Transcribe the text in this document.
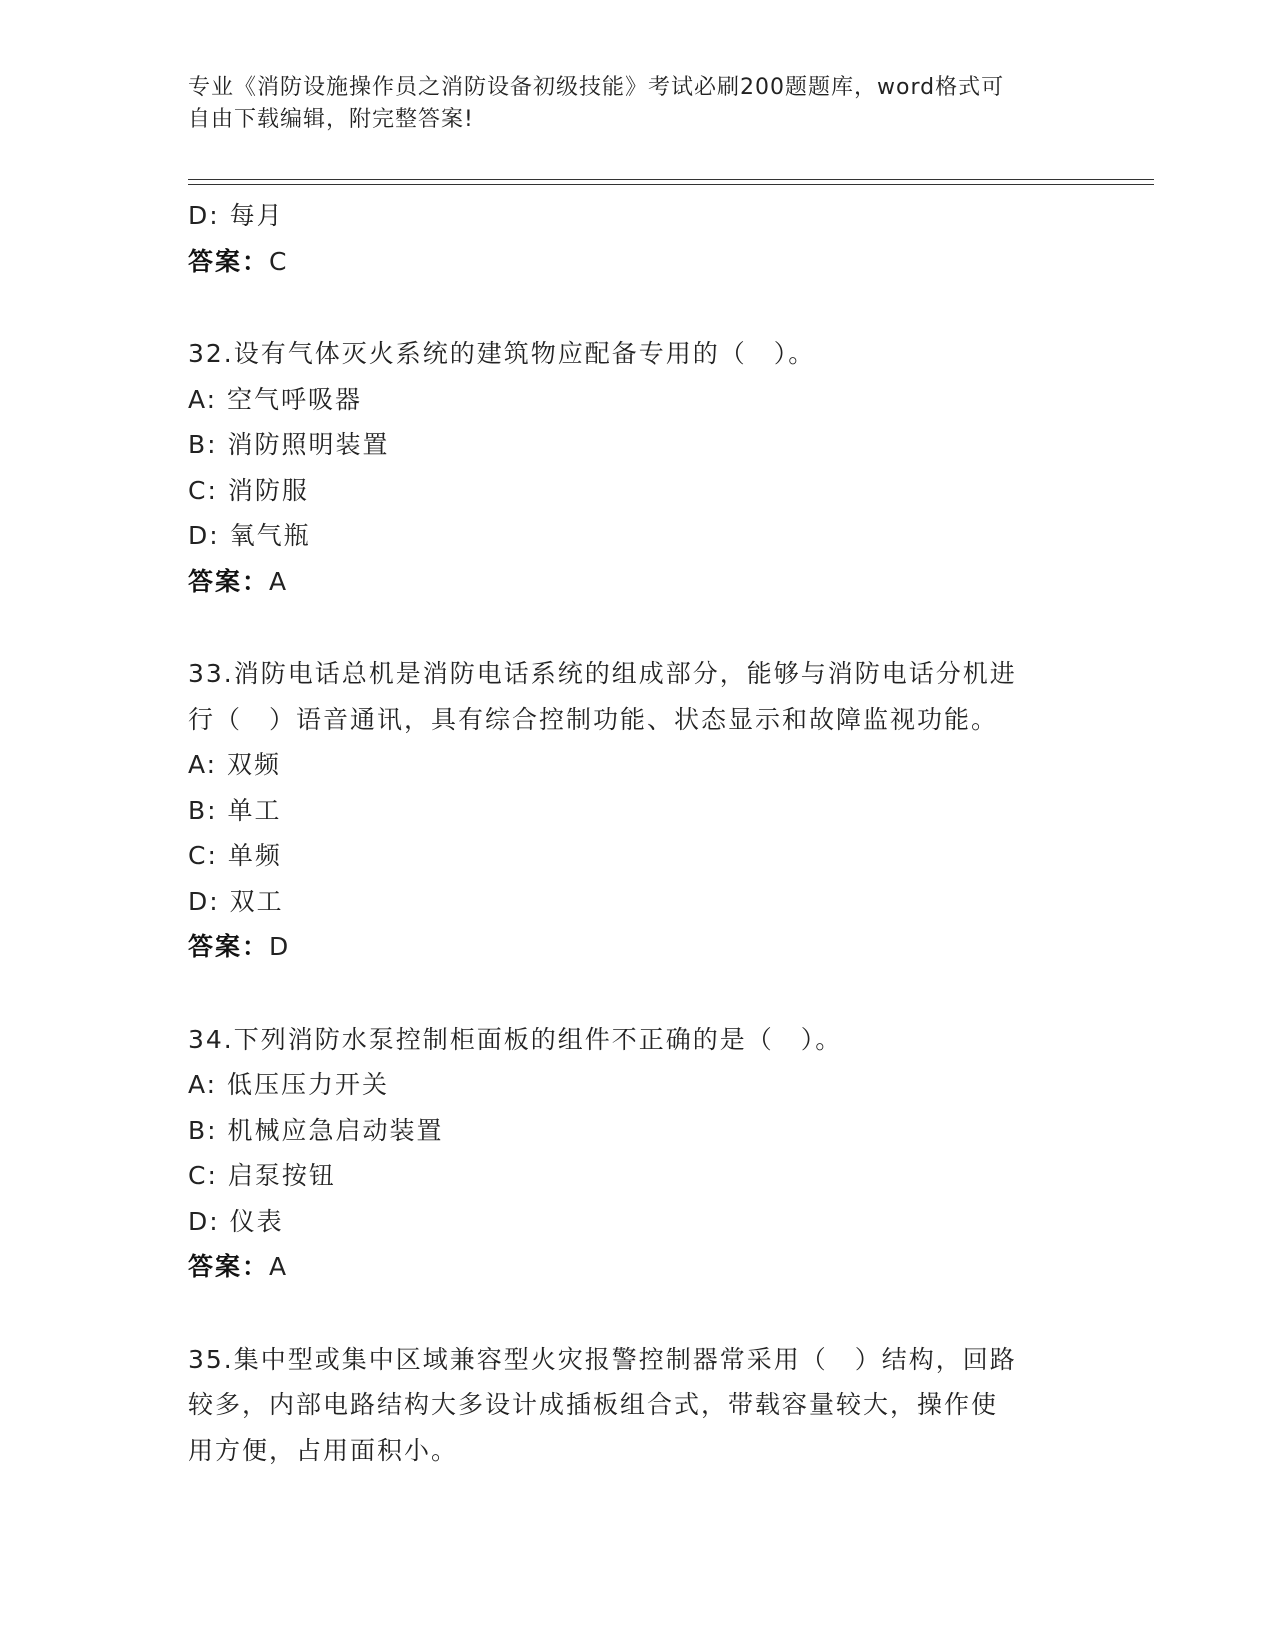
专业《消防设施操作员之消防设备初级技能》考试必刷200题题库，word格式可
自由下载编辑，附完整答案!
D: 每月
答案：C
32.设有气体灭火系统的建筑物应配备专用的（　）。
A: 空气呼吸器
B: 消防照明装置
C: 消防服
D: 氧气瓶
答案：A
33.消防电话总机是消防电话系统的组成部分，能够与消防电话分机进
行（　）语音通讯，具有综合控制功能、状态显示和故障监视功能。
A: 双频
B: 单工
C: 单频
D: 双工
答案：D
34.下列消防水泵控制柜面板的组件不正确的是（　）。
A: 低压压力开关
B: 机械应急启动装置
C: 启泵按钮
D: 仪表
答案：A
35.集中型或集中区域兼容型火灾报警控制器常采用（　）结构，回路
较多，内部电路结构大多设计成插板组合式，带载容量较大，操作使
用方便，占用面积小。
